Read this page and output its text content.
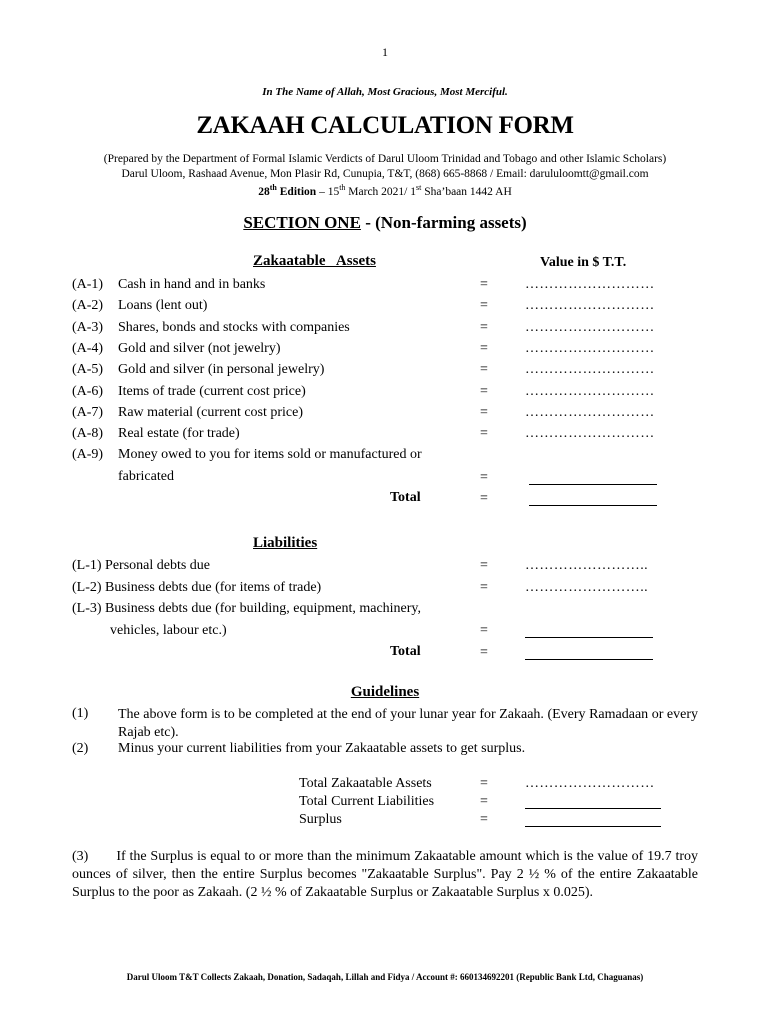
1
In The Name of Allah, Most Gracious, Most Merciful.
ZAKAAH CALCULATION FORM
(Prepared by the Department of Formal Islamic Verdicts of Darul Uloom Trinidad and Tobago and other Islamic Scholars)
Darul Uloom, Rashaad Avenue, Mon Plasir Rd, Cunupia, T&T, (868) 665-8868 / Email: darululoomtt@gmail.com
28th Edition – 15th March 2021/ 1st Sha’baan 1442 AH
SECTION ONE - (Non-farming assets)
Zakaatable   Assets	Value in $ T.T.
(A-1) Cash in hand and in banks	=	………………………
(A-2) Loans (lent out)	=	………………………
(A-3) Shares, bonds and stocks with companies	=	………………………
(A-4) Gold and silver (not jewelry)	=	………………………
(A-5) Gold and silver (in personal jewelry)	=	………………………
(A-6) Items of trade (current cost price)	=	………………………
(A-7) Raw material (current cost price)	=	………………………
(A-8) Real estate (for trade)	=	………………………
(A-9) Money owed to you for items sold or manufactured or
fabricated	=
Total	=
Liabilities
(L-1) Personal debts due	=	……………………..
(L-2) Business debts due (for items of trade)	=	……………………..
(L-3) Business debts due (for building, equipment, machinery,
vehicles, labour etc.)	=
Total	=
Guidelines
(1) The above form is to be completed at the end of your lunar year for Zakaah. (Every Ramadaan or every Rajab etc).
(2) Minus your current liabilities from your Zakaatable assets to get surplus.
Total Zakaatable Assets	=	………………………
Total Current Liabilities	=
Surplus	=
(3) If the Surplus is equal to or more than the minimum Zakaatable amount which is the value of 19.7 troy ounces of silver, then the entire Surplus becomes "Zakaatable Surplus". Pay 2 ½ % of the entire Zakaatable Surplus to the poor as Zakaah. (2 ½ % of Zakaatable Surplus or Zakaatable Surplus x 0.025).
Darul Uloom T&T Collects Zakaah, Donation, Sadaqah, Lillah and Fidya / Account #: 660134692201 (Republic Bank Ltd, Chaguanas)
